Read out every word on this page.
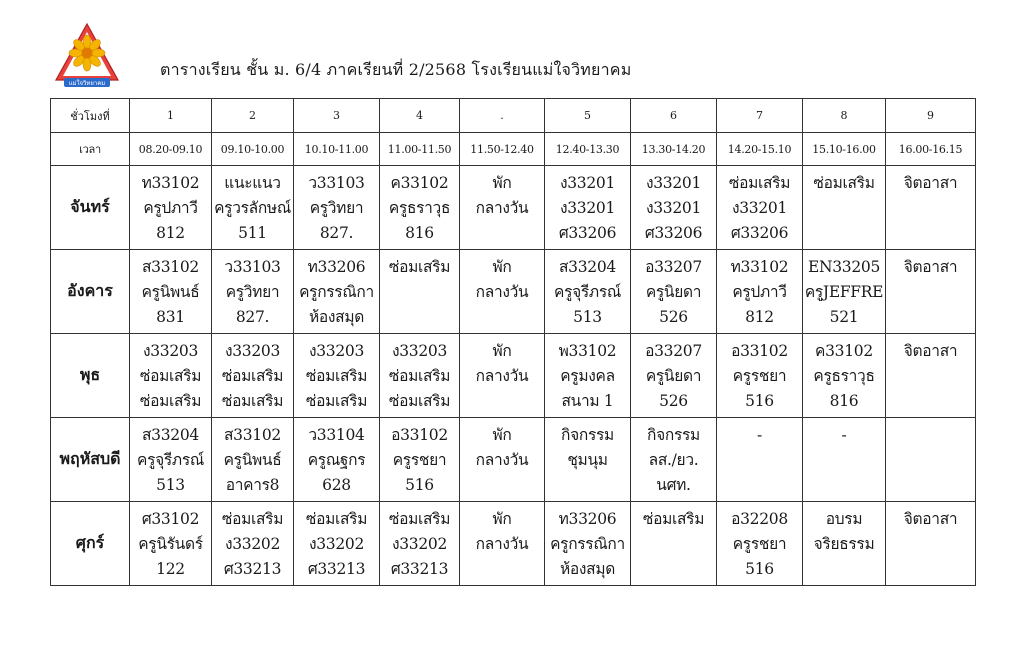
แม่ใจวิทยาคม
ตารางเรียน ชั้น ม. 6/4 ภาคเรียนที่ 2/2568 โรงเรียนแม่ใจวิทยาคม
ชั่วโมงที่	1	2	3	4	.	5	6	7	8	9
เวลา	08.20-09.10	09.10-10.00	10.10-11.00	11.00-11.50	11.50-12.40	12.40-13.30	13.30-14.20	14.20-15.10	15.10-16.00	16.00-16.15
จันทร์	ท33102
ครูปภาวี
812	แนะแนว
ครูวรลักษณ์
511	ว33103
ครูวิทยา
827.	ค33102
ครูธราวุธ
816	พัก
กลางวัน	ง33201
ง33201
ศ33206	ง33201
ง33201
ศ33206	ซ่อมเสริม
ง33201
ศ33206	ซ่อมเสริม	จิตอาสา

อังคาร	ส33102
ครูนิพนธ์
831	ว33103
ครูวิทยา
827.	ท33206
ครูกรรณิกา
ห้องสมุด	ซ่อมเสริม	พัก
กลางวัน	ส33204
ครูจุรีภรณ์
513	อ33207
ครูนิยดา
526	ท33102
ครูปภาวี
812	EN33205
ครูJEFFRE
521	จิตอาสา

พุธ	ง33203
ซ่อมเสริม
ซ่อมเสริม	ง33203
ซ่อมเสริม
ซ่อมเสริม	ง33203
ซ่อมเสริม
ซ่อมเสริม	ง33203
ซ่อมเสริม
ซ่อมเสริม	พัก
กลางวัน	พ33102
ครูมงคล
สนาม 1	อ33207
ครูนิยดา
526	อ33102
ครูรชยา
516	ค33102
ครูธราวุธ
816	จิตอาสา

พฤหัสบดี	ส33204
ครูจุรีภรณ์
513	ส33102
ครูนิพนธ์
อาคาร8	ว33104
ครูณฐกร
628	อ33102
ครูรชยา
516	พัก
กลางวัน	กิจกรรม
ชุมนุม	กิจกรรม
ลส./ยว.
นศท.	-	-	

ศุกร์	ศ33102
ครูนิรันดร์
122	ซ่อมเสริม
ง33202
ศ33213	ซ่อมเสริม
ง33202
ศ33213	ซ่อมเสริม
ง33202
ศ33213	พัก
กลางวัน	ท33206
ครูกรรณิกา
ห้องสมุด	ซ่อมเสริม	อ32208
ครูรชยา
516	อบรม
จริยธรรม	จิตอาสา
